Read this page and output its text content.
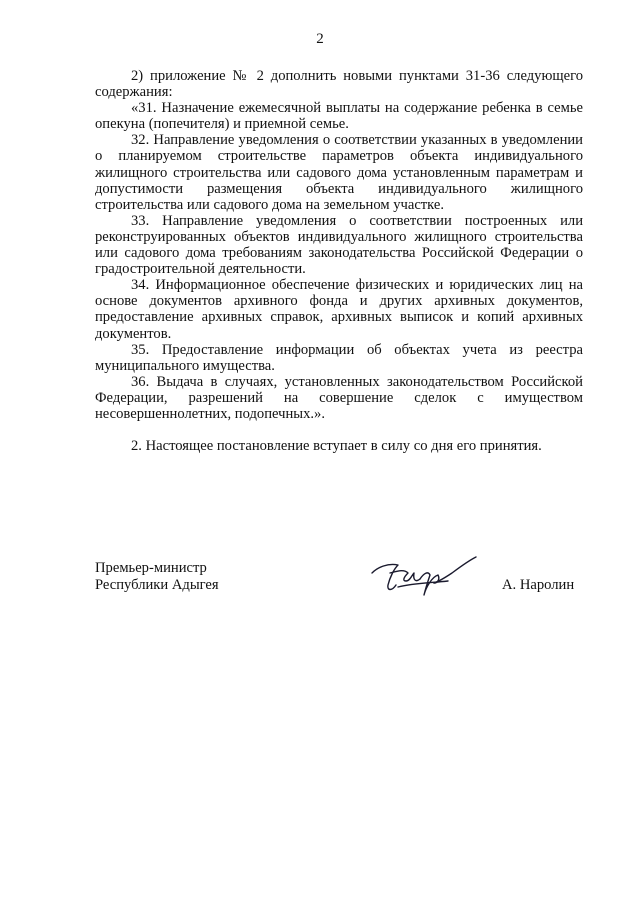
2

2) приложение № 2 дополнить новыми пунктами 31-36 следующего содержания:

«31. Назначение ежемесячной выплаты на содержание ребенка в семье опекуна (попечителя) и приемной семье.

32. Направление уведомления о соответствии указанных в уведомлении о планируемом строительстве параметров объекта индивидуального жилищного строительства или садового дома установленным параметрам и допустимости размещения объекта индивидуального жилищного строительства или садового дома на земельном участке.

33. Направление уведомления о соответствии построенных или реконструированных объектов индивидуального жилищного строительства или садового дома требованиям законодательства Российской Федерации о градостроительной деятельности.

34. Информационное обеспечение физических и юридических лиц на основе документов архивного фонда и других архивных документов, предоставление архивных справок, архивных выписок и копий архивных документов.

35. Предоставление информации об объектах учета из реестра муниципального имущества.

36. Выдача в случаях, установленных законодательством Российской Федерации, разрешений на совершение сделок с имуществом несовершеннолетних, подопечных.».

2. Настоящее постановление вступает в силу со дня его принятия.

Премьер-министр
Республики Адыгея	А. Наролин
